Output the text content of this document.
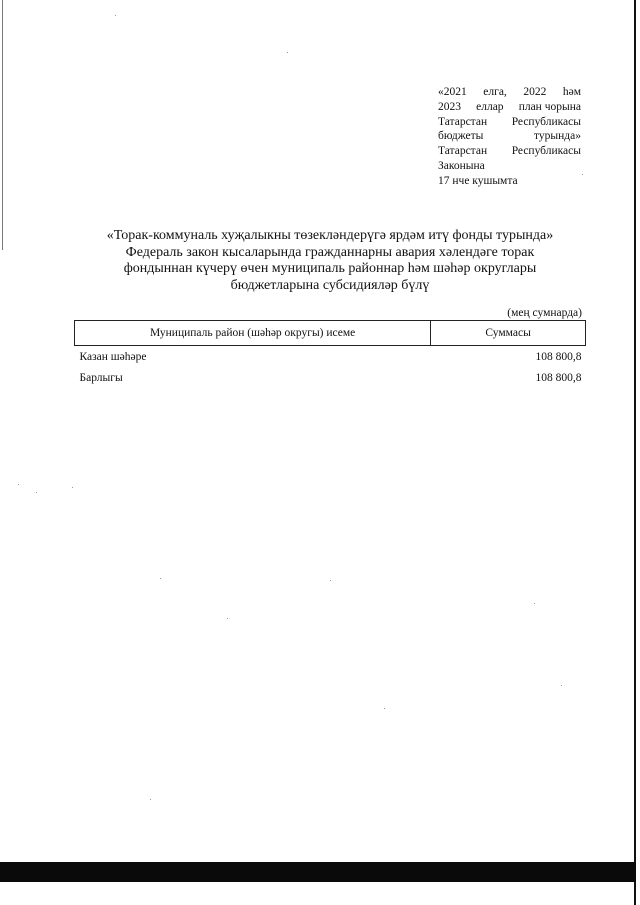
«2021 елга, 2022 һәм
2023 еллар план чорына
Татарстан Республикасы
бюджеты	турында»
Татарстан Республикасы
Законына
17 нче кушымта
«Торак-коммуналь хуҗалыкны төзекләндерүгә ярдәм итү фонды турында»
Федераль закон кысаларында гражданнарны авария хәлендәге торак
фондыннан күчерү өчен муниципаль районнар һәм шәһәр округлары
бюджетларына субсидияләр бүлү
(мең сумнарда)
Муниципаль район (шәһәр округы) исеме	Суммасы
Казан шәһәре	108 800,8
Барлыгы	108 800,8
